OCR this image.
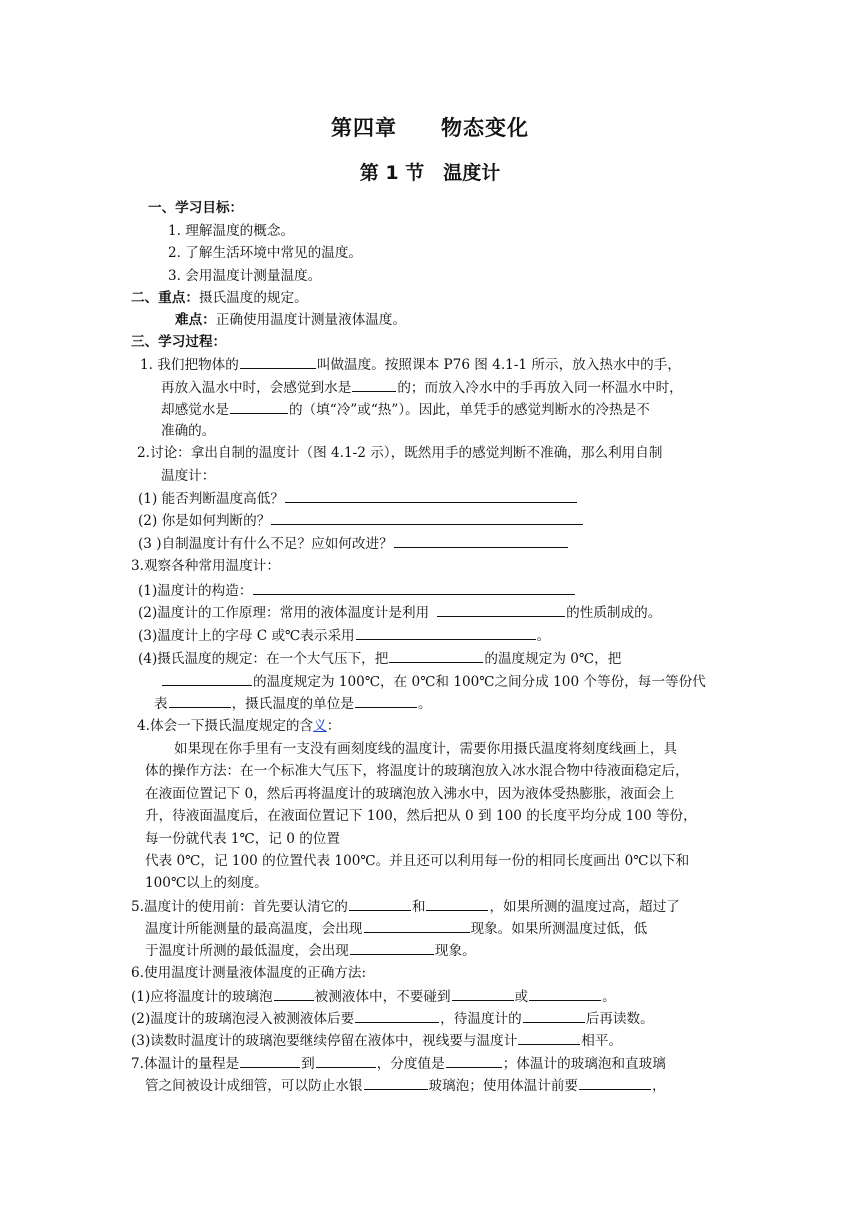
第四章　　物态变化
第 1 节　温度计
一、学习目标：
1. 理解温度的概念。
2. 了解生活环境中常见的温度。
3. 会用温度计测量温度。
二、重点：摄氏温度的规定。
难点：正确使用温度计测量液体温度。
三、学习过程：
1. 我们把物体的	叫做温度。按照课本 P76 图 4.1-1 所示，放入热水中的手，
再放入温水中时，会感觉到水是	的；而放入冷水中的手再放入同一杯温水中时，
却感觉水是	的（填“冷”或“热”）。因此，单凭手的感觉判断水的冷热是不
准确的。
2.讨论：拿出自制的温度计（图 4.1-2 示），既然用手的感觉判断不准确，那么利用自制
温度计：
(1) 能否判断温度高低？
(2) 你是如何判断的？
(3 )自制温度计有什么不足？应如何改进？
3.观察各种常用温度计：
(1)温度计的构造：
(2)温度计的工作原理：常用的液体温度计是利用	的性质制成的。
(3)温度计上的字母 C 或℃表示采用	。
(4)摄氏温度的规定：在一个大气压下，把	的温度规定为 0℃，把
的温度规定为 100℃，在 0℃和 100℃之间分成 100 个等份，每一等份代
表	，摄氏温度的单位是	。
4.体会一下摄氏温度规定的含义：
如果现在你手里有一支没有画刻度线的温度计，需要你用摄氏温度将刻度线画上，具
体的操作方法：在一个标准大气压下，将温度计的玻璃泡放入冰水混合物中待液面稳定后，
在液面位置记下 0，然后再将温度计的玻璃泡放入沸水中，因为液体受热膨胀，液面会上
升，待液面温度后，在液面位置记下 100，然后把从 0 到 100 的长度平均分成 100 等份，
每一份就代表 1℃，记 0 的位置
代表 0℃，记 100 的位置代表 100℃。并且还可以利用每一份的相同长度画出 0℃以下和
100℃以上的刻度。
5.温度计的使用前：首先要认清它的	和	，如果所测的温度过高，超过了
温度计所能测量的最高温度，会出现	现象。如果所测温度过低，低
于温度计所测的最低温度，会出现	现象。
6.使用温度计测量液体温度的正确方法:
(1)应将温度计的玻璃泡	被测液体中，不要碰到	或	。
(2)温度计的玻璃泡浸入被测液体后要	，待温度计的	后再读数。
(3)读数时温度计的玻璃泡要继续停留在液体中，视线要与温度计	相平。
7.体温计的量程是	到	，分度值是	；体温计的玻璃泡和直玻璃
管之间被设计成细管，可以防止水银	玻璃泡；使用体温计前要	，
